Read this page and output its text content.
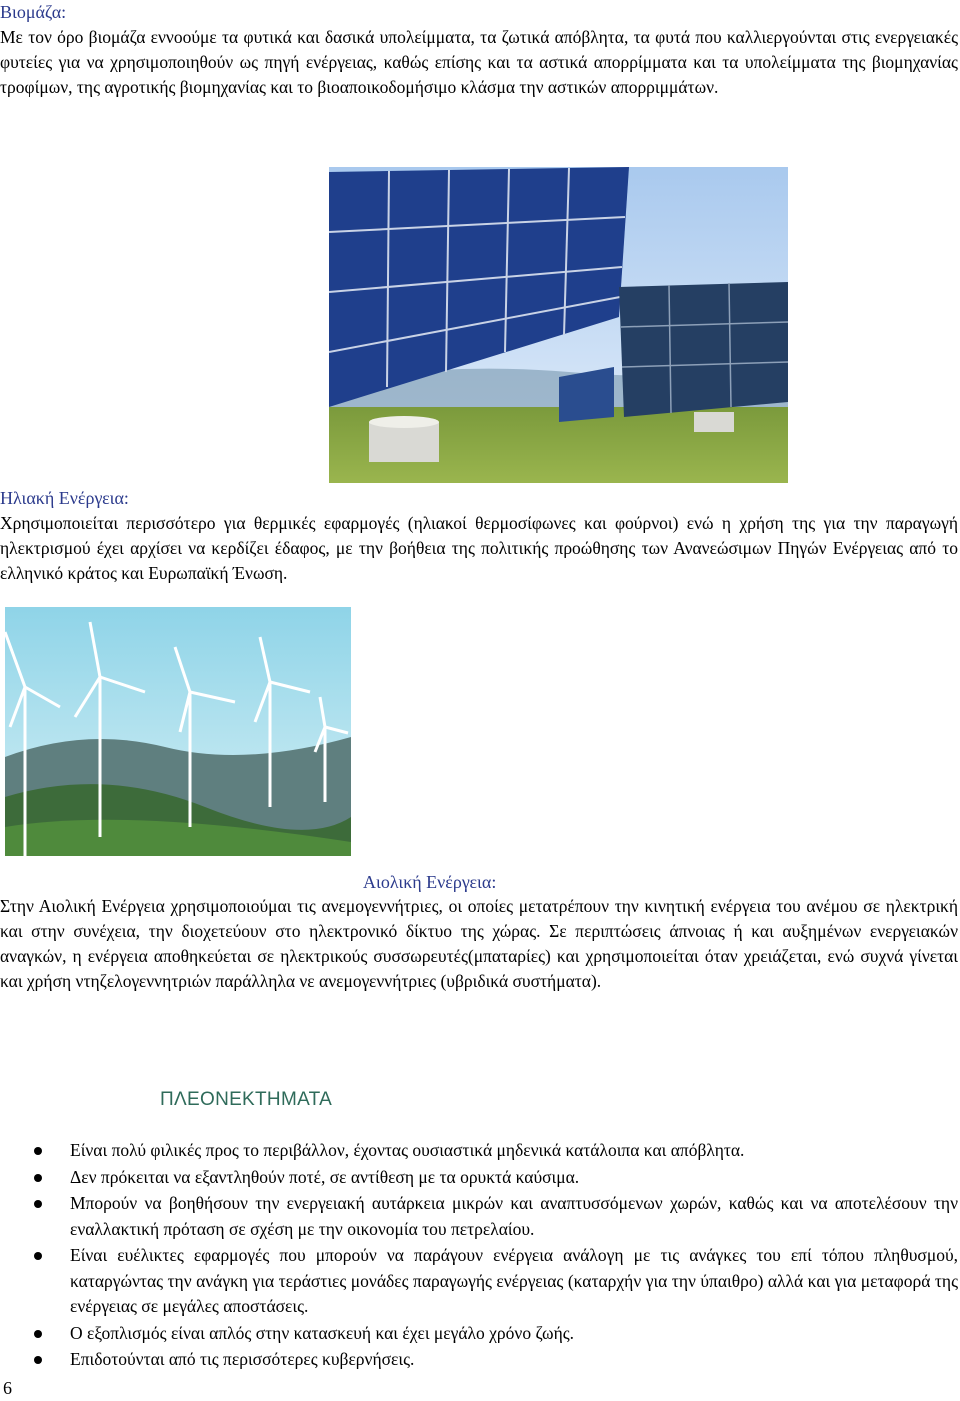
Βιομάζα:

Με τον όρο βιομάζα εννοούμε τα φυτικά και δασικά υπολείμματα, τα ζωτικά απόβλητα, τα φυτά που καλλιεργούνται στις ενεργειακές φυτείες για να χρησιμοποιηθούν ως πηγή ενέργειας, καθώς επίσης και τα αστικά απορρίμματα και τα υπολείμματα της βιομηχανίας τροφίμων, της αγροτικής βιομηχανίας και το βιοαποικοδομήσιμο κλάσμα την αστικών απορριμμάτων.

Ηλιακή Ενέργεια:

Χρησιμοποιείται περισσότερο για θερμικές εφαρμογές (ηλιακοί θερμοσίφωνες και φούρνοι) ενώ η χρήση της για την παραγωγή ηλεκτρισμού έχει αρχίσει να κερδίζει έδαφος, με την βοήθεια της πολιτικής προώθησης των Ανανεώσιμων Πηγών Ενέργειας από το ελληνικό κράτος και Ευρωπαϊκή Ένωση.

Αιολική Ενέργεια:

Στην Αιολική Ενέργεια χρησιμοποιούμαι τις ανεμογεννήτριες, οι οποίες μετατρέπουν την κινητική ενέργεια του ανέμου σε ηλεκτρική και στην συνέχεια, την διοχετεύουν στο ηλεκτρονικό δίκτυο της χώρας. Σε περιπτώσεις άπνοιας ή και αυξημένων ενεργειακών αναγκών, η ενέργεια αποθηκεύεται σε ηλεκτρικούς συσσωρευτές(μπαταρίες) και χρησιμοποιείται όταν χρειάζεται, ενώ συχνά γίνεται και χρήση ντηζελογεννητριών παράλληλα νε ανεμογεννήτριες (υβριδικά συστήματα).

ΠΛΕΟΝΕΚΤΗΜΑΤΑ
Είναι πολύ φιλικές προς το περιβάλλον, έχοντας ουσιαστικά μηδενικά κατάλοιπα και απόβλητα.
Δεν πρόκειται να εξαντληθούν ποτέ, σε αντίθεση με τα ορυκτά καύσιμα.
Μπορούν να βοηθήσουν την ενεργειακή αυτάρκεια μικρών και αναπτυσσόμενων χωρών, καθώς και να αποτελέσουν την εναλλακτική πρόταση σε σχέση με την οικονομία του πετρελαίου.
Είναι ευέλικτες εφαρμογές που μπορούν να παράγουν ενέργεια ανάλογη με τις ανάγκες του επί τόπου πληθυσμού, καταργώντας την ανάγκη για τεράστιες μονάδες παραγωγής ενέργειας (καταρχήν για την ύπαιθρο) αλλά και για μεταφορά της ενέργειας σε μεγάλες αποστάσεις.
Ο εξοπλισμός είναι απλός στην κατασκευή και έχει μεγάλο χρόνο ζωής.
Επιδοτούνται από τις περισσότερες κυβερνήσεις.
6
